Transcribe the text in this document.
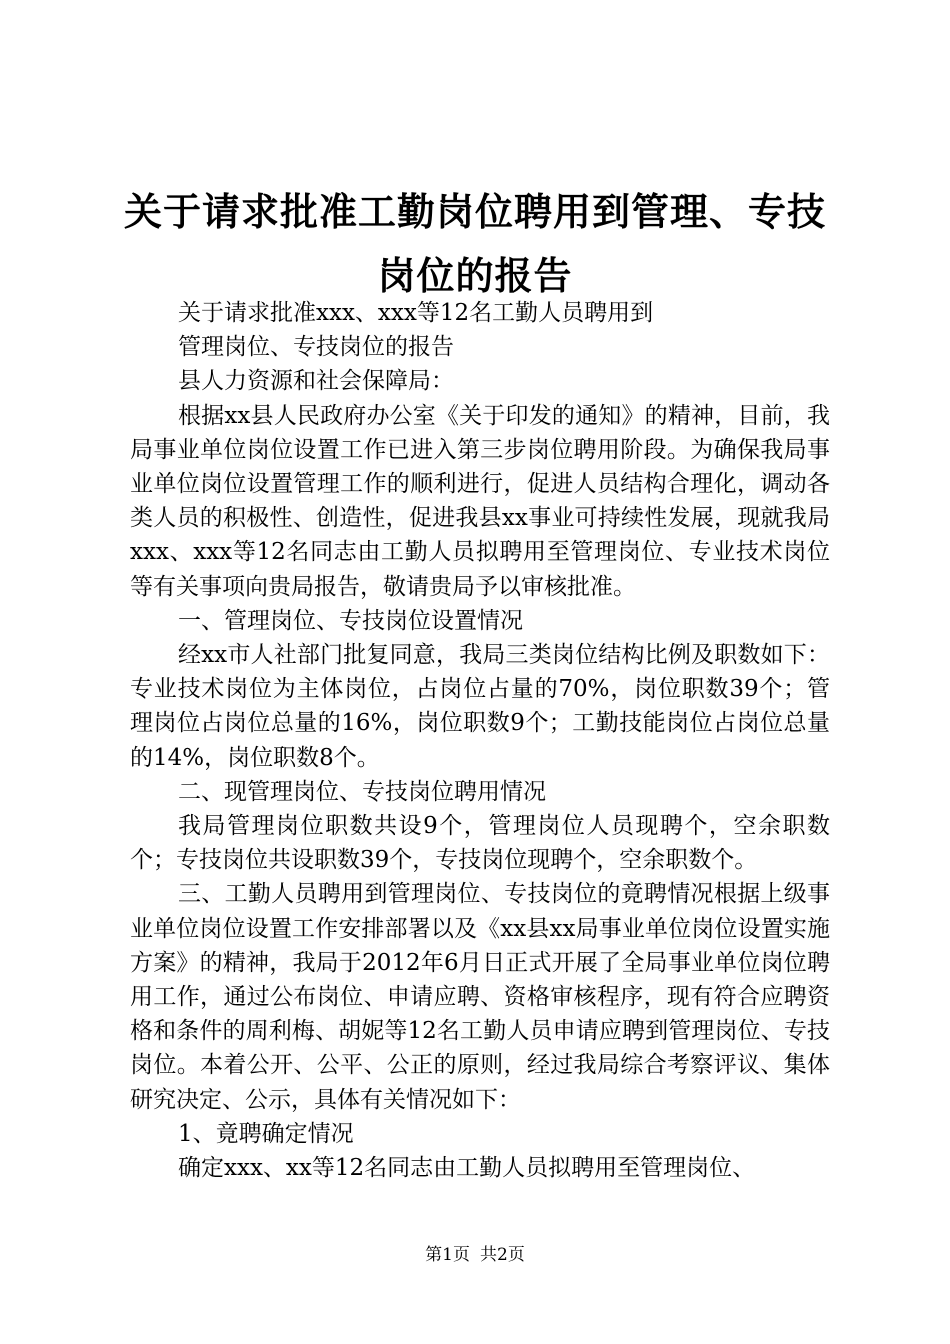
关于请求批准工勤岗位聘用到管理、专技岗位的报告

关于请求批准xxx、xxx等12名工勤人员聘用到

管理岗位、专技岗位的报告

县人力资源和社会保障局：

根据xx县人民政府办公室《关于印发的通知》的精神，目前，我局事业单位岗位设置工作已进入第三步岗位聘用阶段。为确保我局事业单位岗位设置管理工作的顺利进行，促进人员结构合理化，调动各类人员的积极性、创造性，促进我县xx事业可持续性发展，现就我局xxx、xxx等12名同志由工勤人员拟聘用至管理岗位、专业技术岗位等有关事项向贵局报告，敬请贵局予以审核批准。

一、管理岗位、专技岗位设置情况

经xx市人社部门批复同意，我局三类岗位结构比例及职数如下：专业技术岗位为主体岗位，占岗位占量的70%，岗位职数39个；管理岗位占岗位总量的16%，岗位职数9个；工勤技能岗位占岗位总量的14%，岗位职数8个。

二、现管理岗位、专技岗位聘用情况

我局管理岗位职数共设9个，管理岗位人员现聘个，空余职数个；专技岗位共设职数39个，专技岗位现聘个，空余职数个。

三、工勤人员聘用到管理岗位、专技岗位的竟聘情况根据上级事业单位岗位设置工作安排部署以及《xx县xx局事业单位岗位设置实施方案》的精神，我局于2012年6月日正式开展了全局事业单位岗位聘用工作，通过公布岗位、申请应聘、资格审核程序，现有符合应聘资格和条件的周利梅、胡妮等12名工勤人员申请应聘到管理岗位、专技岗位。本着公开、公平、公正的原则，经过我局综合考察评议、集体研究决定、公示，具体有关情况如下：

1、竟聘确定情况

确定xxx、xx等12名同志由工勤人员拟聘用至管理岗位、

第1页 共2页
